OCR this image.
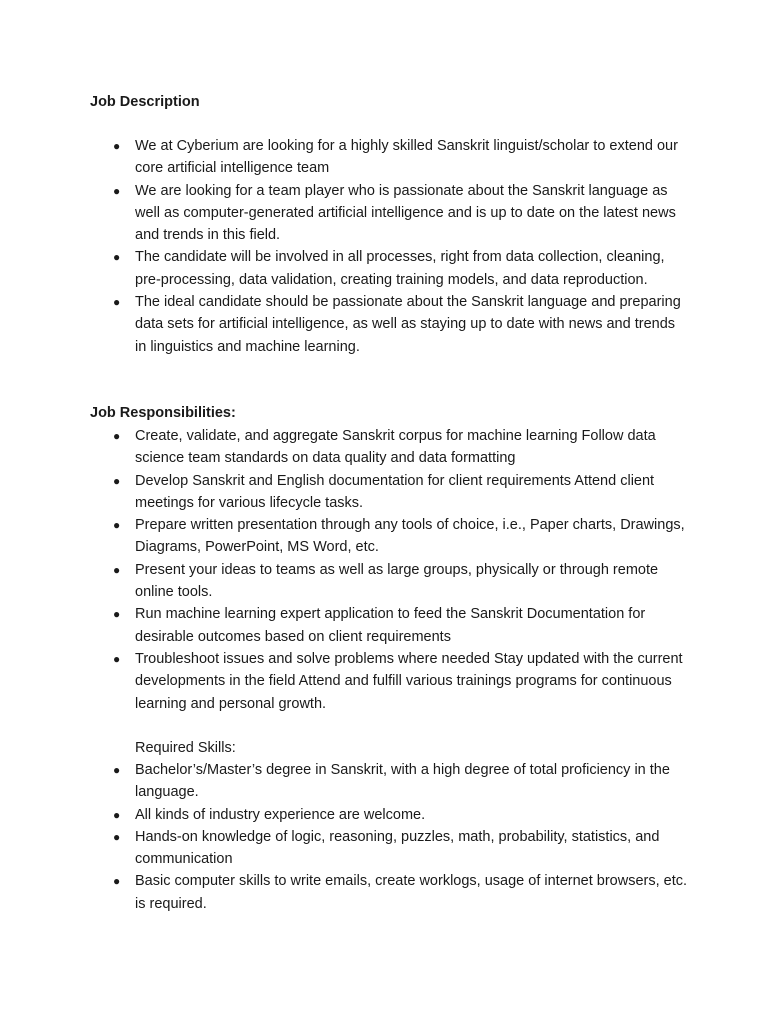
Job Description
● We at Cyberium are looking for a highly skilled Sanskrit linguist/scholar to extend our core artificial intelligence team
● We are looking for a team player who is passionate about the Sanskrit language as well as computer-generated artificial intelligence and is up to date on the latest news and trends in this field.
● The candidate will be involved in all processes, right from data collection, cleaning, pre-processing, data validation, creating training models, and data reproduction.
● The ideal candidate should be passionate about the Sanskrit language and preparing data sets for artificial intelligence, as well as staying up to date with news and trends in linguistics and machine learning.
Job Responsibilities:
● Create, validate, and aggregate Sanskrit corpus for machine learning Follow data science team standards on data quality and data formatting
● Develop Sanskrit and English documentation for client requirements Attend client meetings for various lifecycle tasks.
● Prepare written presentation through any tools of choice, i.e., Paper charts, Drawings, Diagrams, PowerPoint, MS Word, etc.
● Present your ideas to teams as well as large groups, physically or through remote online tools.
● Run machine learning expert application to feed the Sanskrit Documentation for desirable outcomes based on client requirements
● Troubleshoot issues and solve problems where needed Stay updated with the current developments in the field Attend and fulfill various trainings programs for continuous learning and personal growth.
Required Skills:
● Bachelor’s/Master’s degree in Sanskrit, with a high degree of total proficiency in the language.
● All kinds of industry experience are welcome.
● Hands-on knowledge of logic, reasoning, puzzles, math, probability, statistics, and communication
● Basic computer skills to write emails, create worklogs, usage of internet browsers, etc. is required.
